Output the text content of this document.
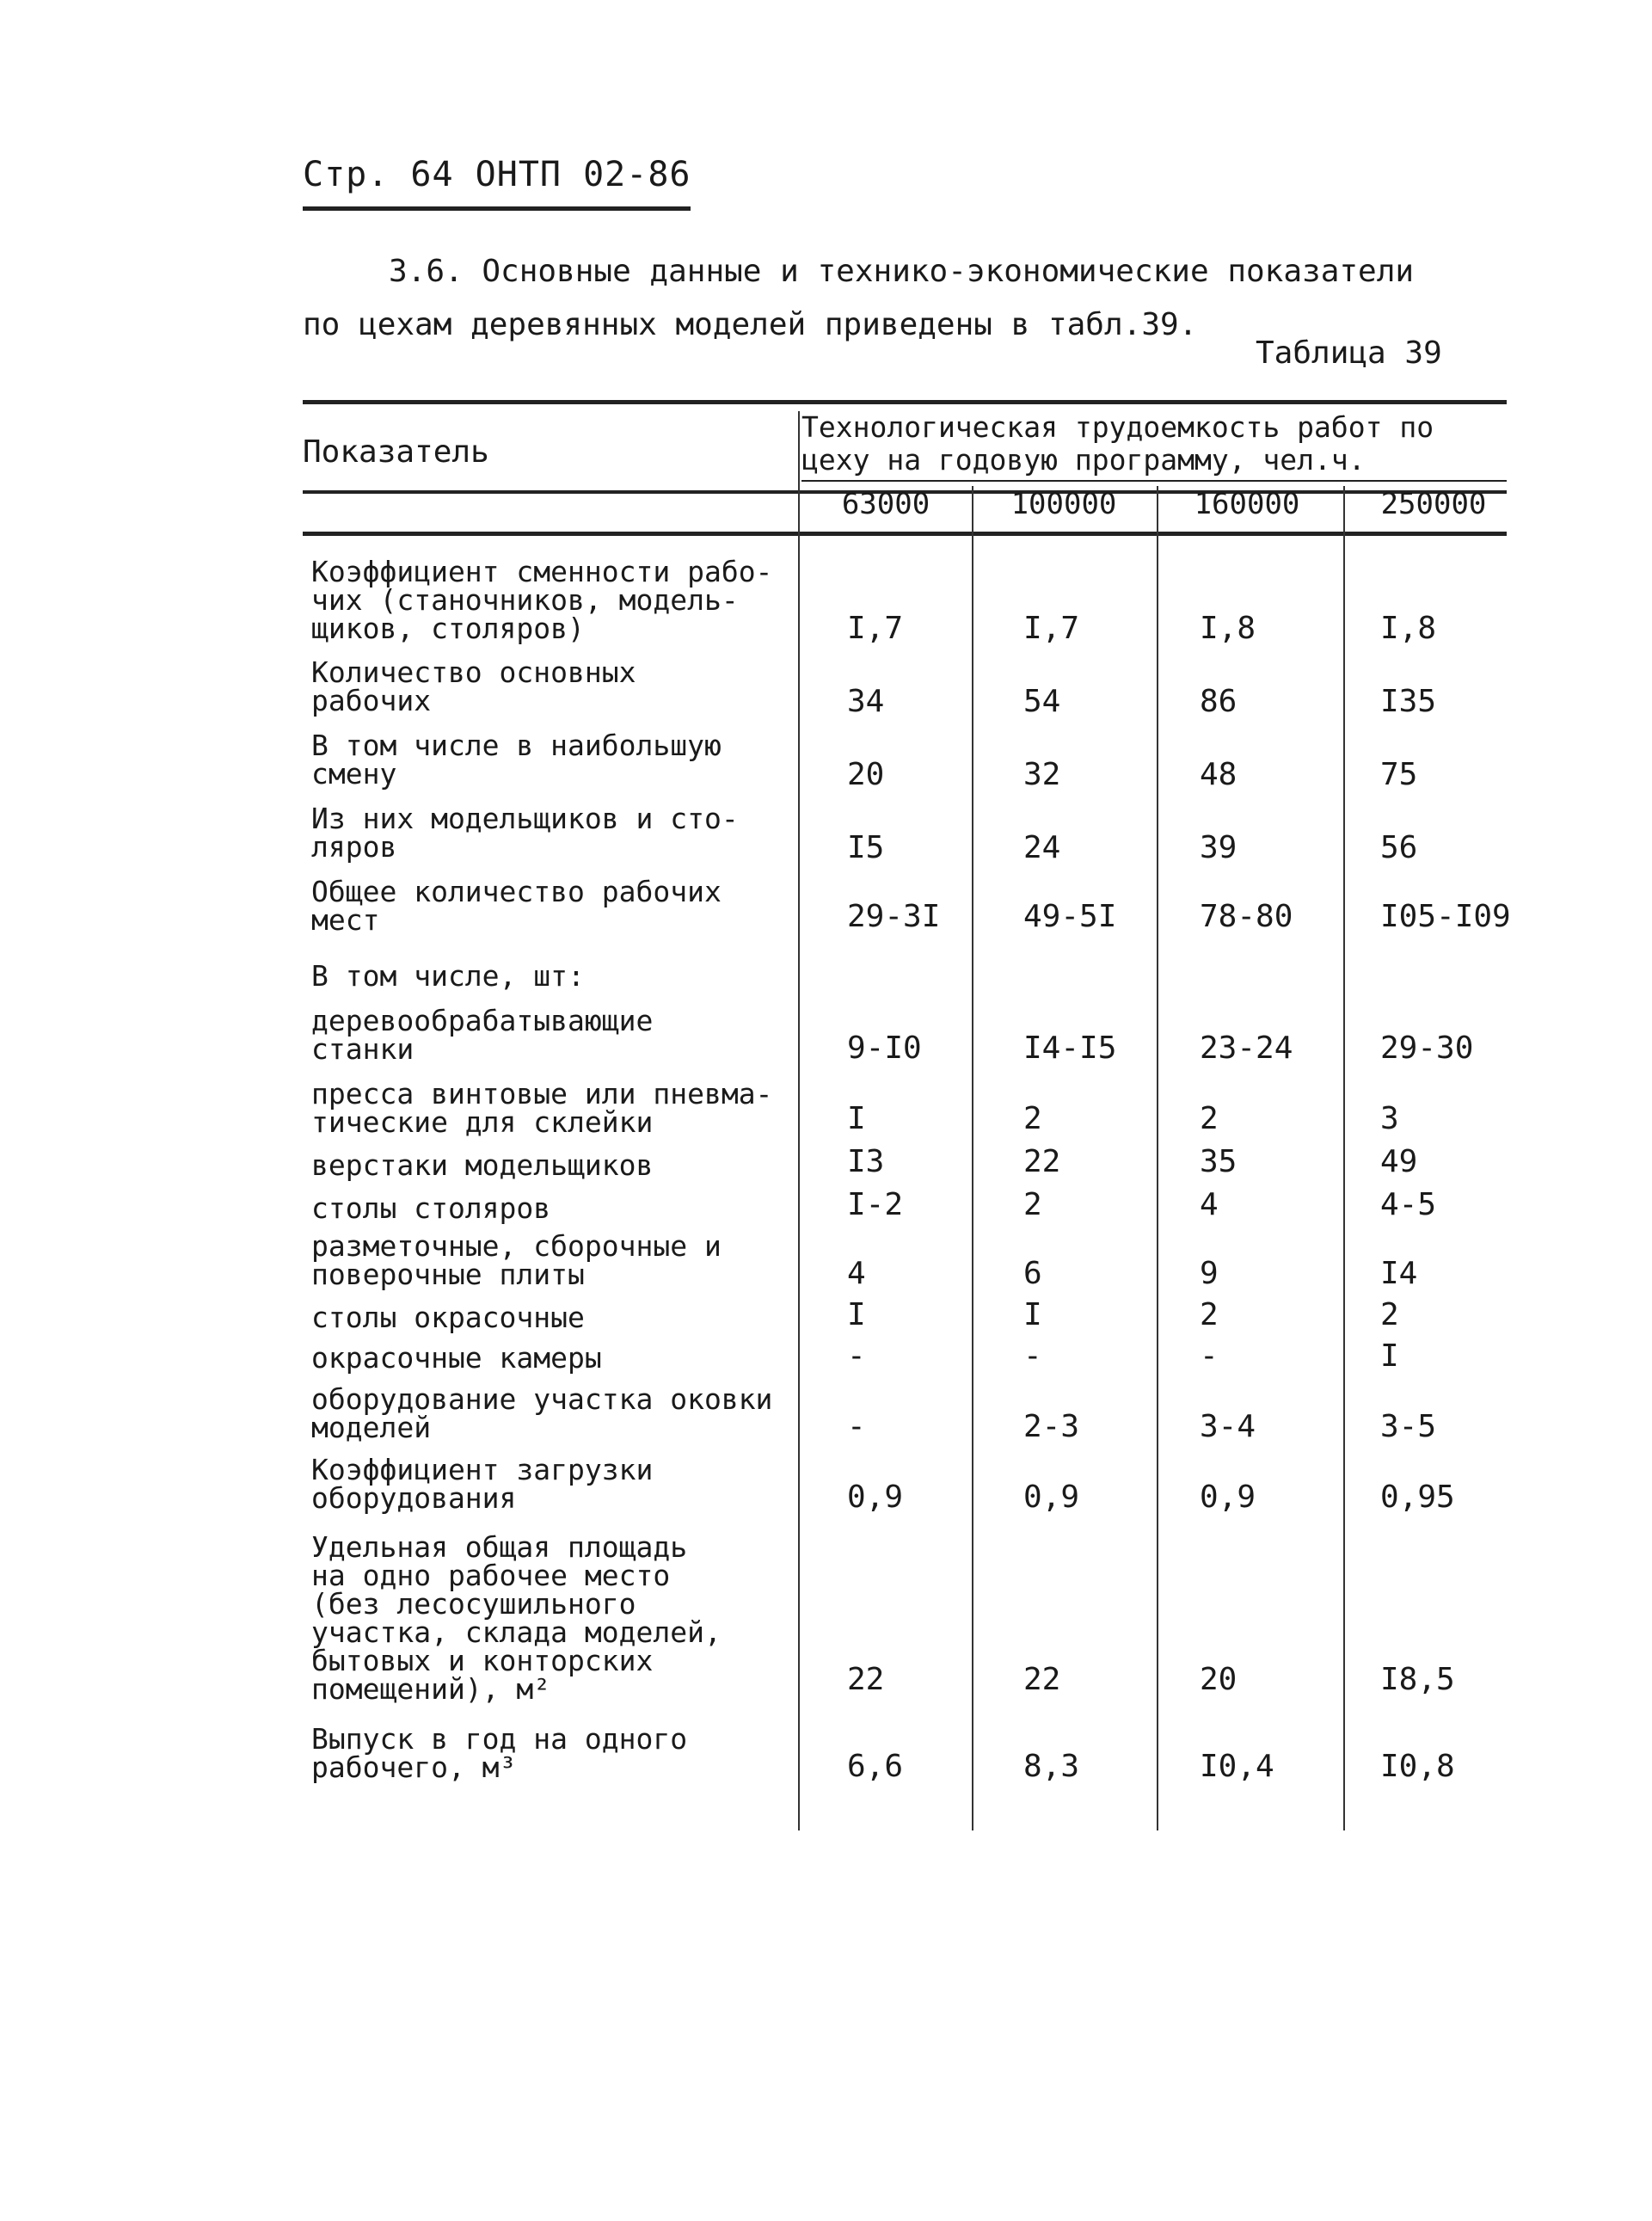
Стр. 64 ОНТП 02-86

3.6. Основные данные и технико-экономические показатели

по цехам деревянных моделей приведены в табл.39.

Таблица 39
Показатель
Технологическая трудоемкость работ по цеху на годовую программу, чел.ч.
63000	100000	160000	250000
Коэффициент сменности рабо-
чих (станочников, модель-
щиков, столяров)	I,7	I,7	I,8	I,8
Количество основных
рабочих	34	54	86	I35
В том числе в наибольшую
смену	20	32	48	75
Из них модельщиков и сто-
ляров	I5	24	39	56
Общее количество рабочих
мест	29-3I	49-5I	78-80	I05-I09
В том числе, шт:
деревообрабатывающие
станки	9-I0	I4-I5	23-24	29-30
пресса винтовые или пневма-
тические для склейки	I	2	2	3
верстаки модельщиков	I3	22	35	49
столы столяров	I-2	2	4	4-5
разметочные, сборочные и
поверочные плиты	4	6	9	I4
столы окрасочные	I	I	2	2
окрасочные камеры	-	-	-	I
оборудование участка оковки
моделей	-	2-3	3-4	3-5
Коэффициент загрузки
оборудования	0,9	0,9	0,9	0,95
Удельная общая площадь
на одно рабочее место
(без лесосушильного
участка, склада моделей,
бытовых и конторских
помещений), м²	22	22	20	I8,5
Выпуск в год на одного
рабочего, м³	6,6	8,3	I0,4	I0,8
